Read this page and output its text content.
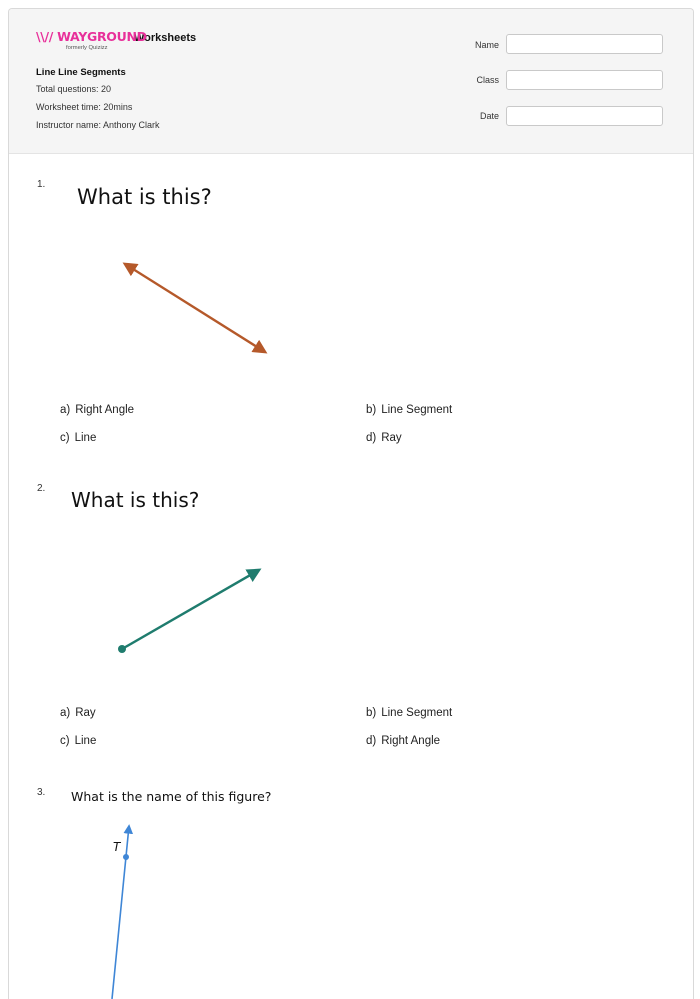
\\// WAYGROUND
formerly Quizizz
Worksheets
Line Line Segments
Total questions: 20
Worksheet time: 20mins
Instructor name: Anthony Clark
Name
Class
Date
1.
What is this?
a) Right Angle	b) Line Segment
c) Line	d) Ray
2. What is this?
a) Ray	b) Line Segment
c) Line	d) Right Angle
3. What is the name of this figure?
T
